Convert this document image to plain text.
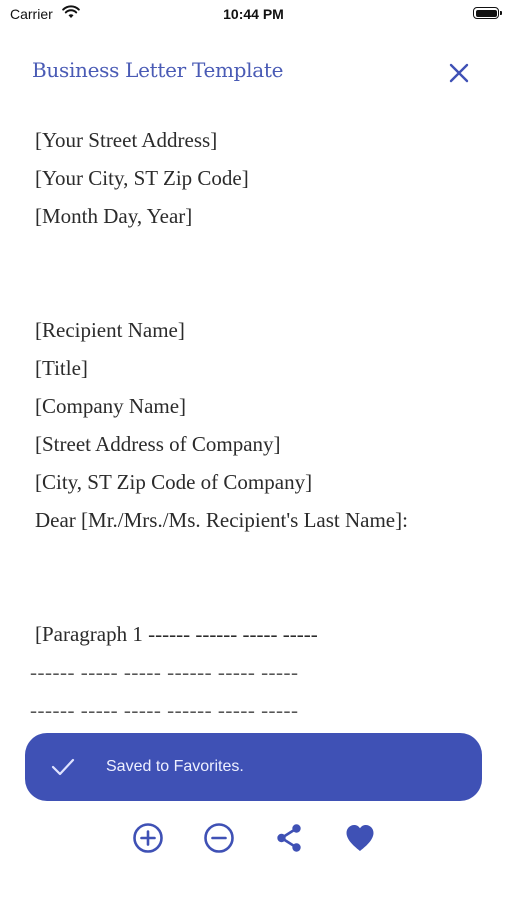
Carrier	10:44 PM
Business Letter Template
[Your Street Address]
[Your City, ST Zip Code]
[Month Day, Year]
[Recipient Name]
[Title]
[Company Name]
[Street Address of Company]
[City, ST Zip Code of Company]
Dear [Mr./Mrs./Ms. Recipient's Last Name]:
[Paragraph 1 ------ ------ ----- -----
------ ----- ----- ------ ----- -----
------ ----- ----- ------ ----- -----
Saved to Favorites.
